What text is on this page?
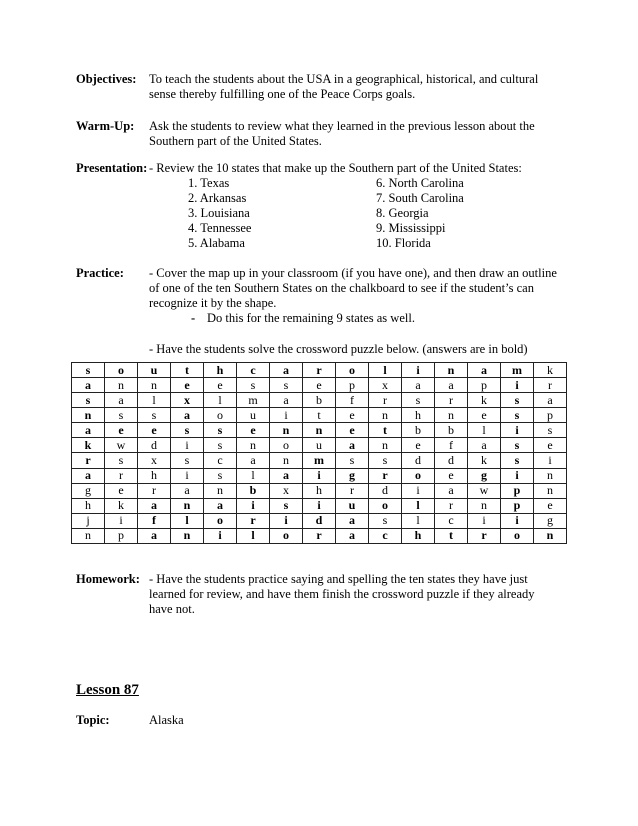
Objectives: To teach the students about the USA in a geographical, historical, and cultural
sense thereby fulfilling one of the Peace Corps goals.
Warm-Up: Ask the students to review what they learned in the previous lesson about the
Southern part of the United States.
Presentation: - Review the 10 states that make up the Southern part of the United States:
1. Texas	6. North Carolina
2. Arkansas	7. South Carolina
3. Louisiana	8. Georgia
4. Tennessee	9. Mississippi
5. Alabama	10. Florida
Practice: - Cover the map up in your classroom (if you have one), and then draw an outline
of one of the ten Southern States on the chalkboard to see if the student’s can
recognize it by the shape.
- Do this for the remaining 9 states as well.
- Have the students solve the crossword puzzle below. (answers are in bold)
s	o	u	t	h	c	a	r	o	l	i	n	a	m	k
a	n	n	e	e	s	s	e	p	x	a	a	p	i	r
s	a	l	x	l	m	a	b	f	r	s	r	k	s	a
n	s	s	a	o	u	i	t	e	n	h	n	e	s	p
a	e	e	s	s	e	n	n	e	t	b	b	l	i	s
k	w	d	i	s	n	o	u	a	n	e	f	a	s	e
r	s	x	s	c	a	n	m	s	s	d	d	k	s	i
a	r	h	i	s	l	a	i	g	r	o	e	g	i	n
g	e	r	a	n	b	x	h	r	d	i	a	w	p	n
h	k	a	n	a	i	s	i	u	o	l	r	n	p	e
j	i	f	l	o	r	i	d	a	s	l	c	i	i	g
n	p	a	n	i	l	o	r	a	c	h	t	r	o	n
Homework: - Have the students practice saying and spelling the ten states they have just
learned for review, and have them finish the crossword puzzle if they already
have not.
Lesson 87
Topic:	Alaska
